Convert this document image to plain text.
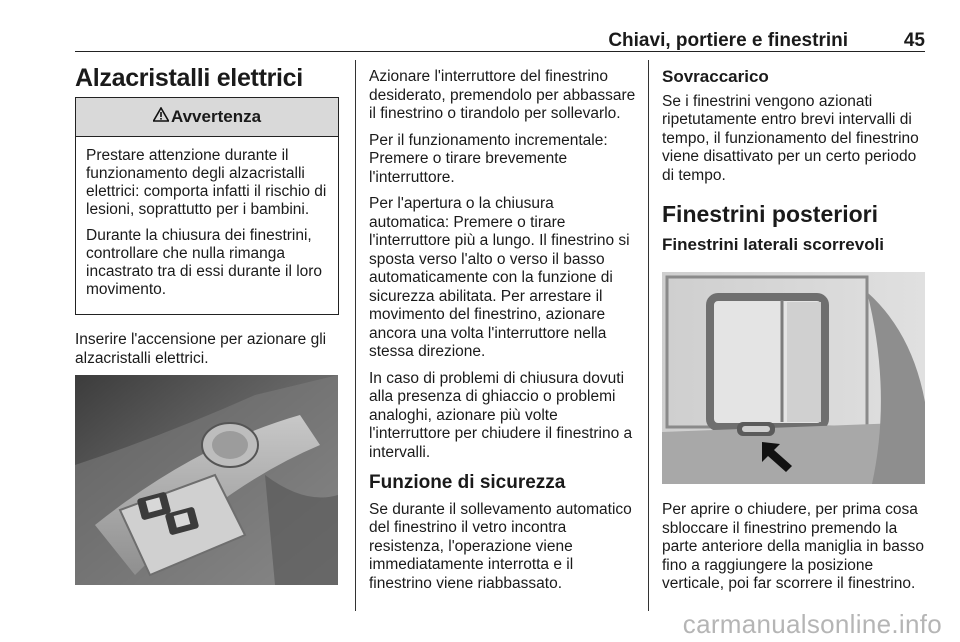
Chiavi, portiere e finestrini	45
Alzacristalli elettrici
Avvertenza

Prestare attenzione durante il funzionamento degli alzacristalli elettrici: comporta infatti il rischio di lesioni, soprattutto per i bambini.

Durante la chiusura dei finestrini, controllare che nulla rimanga incastrato tra di essi durante il loro movimento.

Inserire l'accensione per azionare gli alzacristalli elettrici.

Azionare l'interruttore del finestrino desiderato, premendolo per abbassare il finestrino o tirandolo per sollevarlo.

Per il funzionamento incrementale: Premere o tirare brevemente l'interruttore.

Per l'apertura o la chiusura automatica: Premere o tirare l'interruttore più a lungo. Il finestrino si sposta verso l'alto o verso il basso automaticamente con la funzione di sicurezza abilitata. Per arrestare il movimento del finestrino, azionare ancora una volta l'interruttore nella stessa direzione.

In caso di problemi di chiusura dovuti alla presenza di ghiaccio o problemi analoghi, azionare più volte l'interruttore per chiudere il finestrino a intervalli.

Funzione di sicurezza

Se durante il sollevamento automatico del finestrino il vetro incontra resistenza, l'operazione viene immediatamente interrotta e il finestrino viene riabbassato.

Sovraccarico

Se i finestrini vengono azionati ripetutamente entro brevi intervalli di tempo, il funzionamento del finestrino viene disattivato per un certo periodo di tempo.

Finestrini posteriori

Finestrini laterali scorrevoli

Per aprire o chiudere, per prima cosa sbloccare il finestrino premendo la parte anteriore della maniglia in basso fino a raggiungere la posizione verticale, poi far scorrere il finestrino.

carmanualsonline.info
